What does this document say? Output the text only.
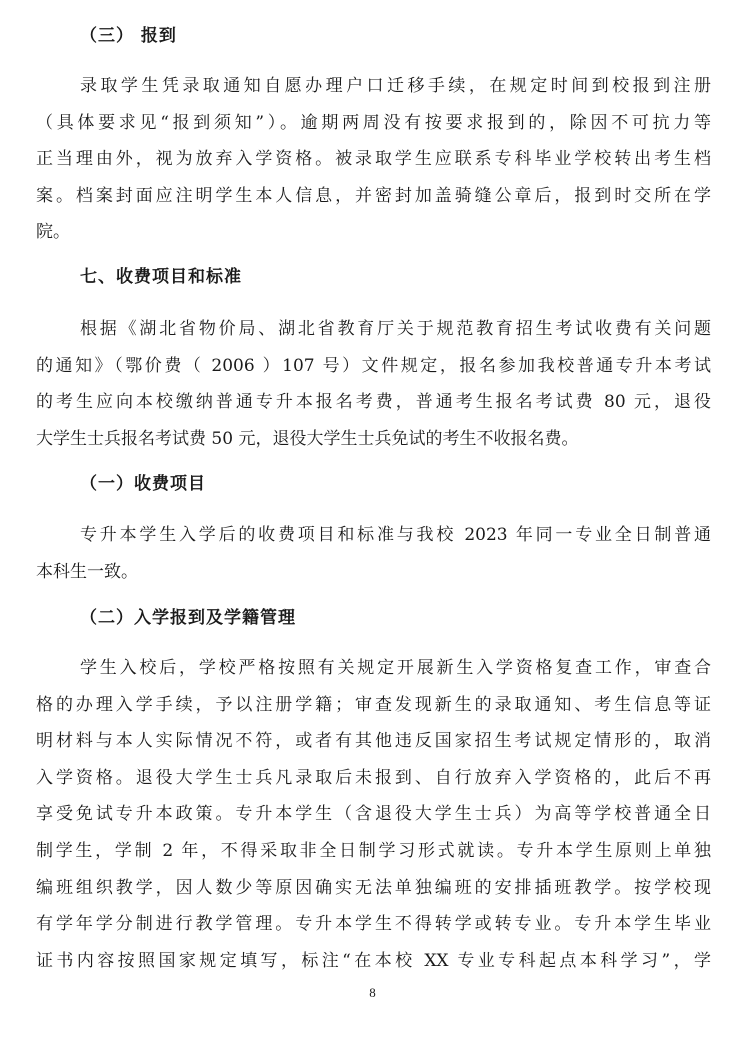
（三） 报到
录取学生凭录取通知自愿办理户口迁移手续，在规定时间到校报到注册
（具体要求见“报到须知”）。逾期两周没有按要求报到的，除因不可抗力等
正当理由外，视为放弃入学资格。被录取学生应联系专科毕业学校转出考生档
案。档案封面应注明学生本人信息，并密封加盖骑缝公章后，报到时交所在学
院。
七、收费项目和标准
根据《湖北省物价局、湖北省教育厅关于规范教育招生考试收费有关问题
的通知》（鄂价费（ 2006 ）107 号）文件规定，报名参加我校普通专升本考试
的考生应向本校缴纳普通专升本报名考费，普通考生报名考试费 80 元，退役
大学生士兵报名考试费 50 元，退役大学生士兵免试的考生不收报名费。
（一）收费项目
专升本学生入学后的收费项目和标准与我校 2023 年同一专业全日制普通
本科生一致。
（二）入学报到及学籍管理
学生入校后，学校严格按照有关规定开展新生入学资格复查工作，审查合
格的办理入学手续，予以注册学籍；审查发现新生的录取通知、考生信息等证
明材料与本人实际情况不符，或者有其他违反国家招生考试规定情形的，取消
入学资格。退役大学生士兵凡录取后未报到、自行放弃入学资格的，此后不再
享受免试专升本政策。专升本学生（含退役大学生士兵）为高等学校普通全日
制学生，学制 2 年，不得采取非全日制学习形式就读。专升本学生原则上单独
编班组织教学，因人数少等原因确实无法单独编班的安排插班教学。按学校现
有学年学分制进行教学管理。专升本学生不得转学或转专业。专升本学生毕业
证书内容按照国家规定填写，标注“在本校 XX 专业专科起点本科学习”，学
8
